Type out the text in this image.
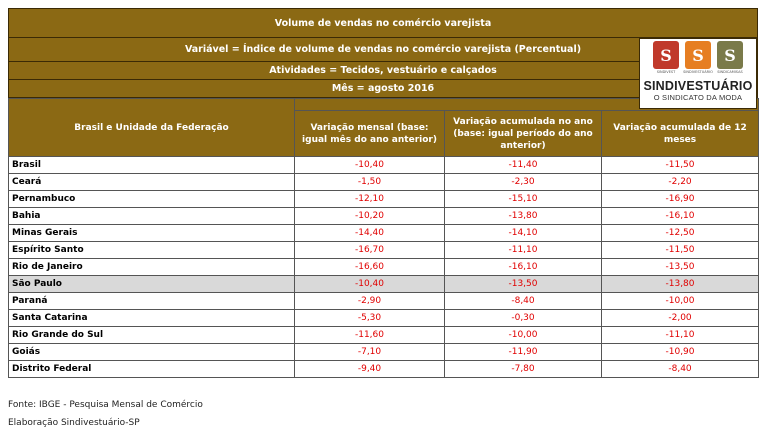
Volume de vendas no comércio varejista
Variável = Índice de volume de vendas no comércio varejista (Percentual)
Atividades = Tecidos, vestuário e calçados
Mês = agosto 2016
S
SINDIVEST
S
SINDIVESTUÁRIO
S
SINDICAMISAS
SINDIVESTUÁRIO
O SINDICATO DA MODA
Brasil e Unidade da Federação			
	Variação mensal (base: igual mês do ano anterior)	Variação acumulada no ano (base: igual período do ano anterior)	Variação acumulada de 12 meses
Brasil	-10,40	-11,40	-11,50
Ceará	-1,50	-2,30	-2,20
Pernambuco	-12,10	-15,10	-16,90
Bahia	-10,20	-13,80	-16,10
Minas Gerais	-14,40	-14,10	-12,50
Espírito Santo	-16,70	-11,10	-11,50
Rio de Janeiro	-16,60	-16,10	-13,50
São Paulo	-10,40	-13,50	-13,80
Paraná	-2,90	-8,40	-10,00
Santa Catarina	-5,30	-0,30	-2,00
Rio Grande do Sul	-11,60	-10,00	-11,10
Goiás	-7,10	-11,90	-10,90
Distrito Federal	-9,40	-7,80	-8,40
Fonte: IBGE - Pesquisa Mensal de Comércio
Elaboração Sindivestuário-SP
